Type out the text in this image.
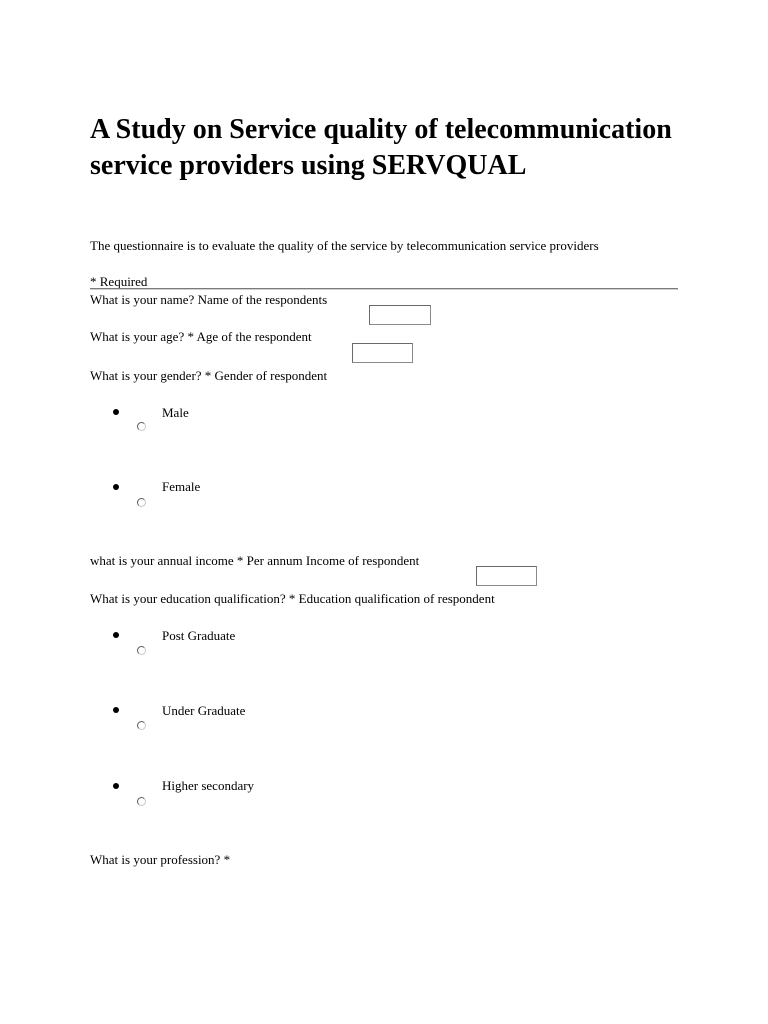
A Study on Service quality of telecommunication service providers using SERVQUAL
The questionnaire is to evaluate the quality of the service by telecommunication service providers
* Required
What is your name? Name of the respondents
What is your age? * Age of the respondent
What is your gender? * Gender of respondent
Male
Female
what is your annual income * Per annum Income of respondent
What is your education qualification? * Education qualification of respondent
Post Graduate
Under Graduate
Higher secondary
What is your profession? *
